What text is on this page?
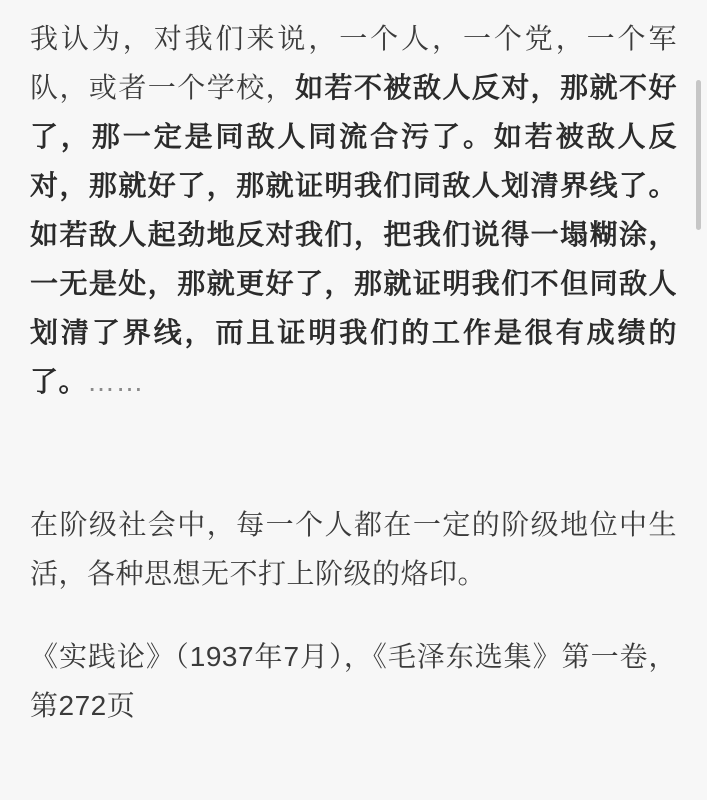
我认为，对我们来说，一个人，一个党，一个军队，或者一个学校，如若不被敌人反对，那就不好了，那一定是同敌人同流合污了。如若被敌人反对，那就好了，那就证明我们同敌人划清界线了。如若敌人起劲地反对我们，把我们说得一塌糊涂，一无是处，那就更好了，那就证明我们不但同敌人划清了界线，而且证明我们的工作是很有成绩的了。……

在阶级社会中，每一个人都在一定的阶级地位中生活，各种思想无不打上阶级的烙印。

《实践论》（1937年7月），《毛泽东选集》第一卷，第272页
